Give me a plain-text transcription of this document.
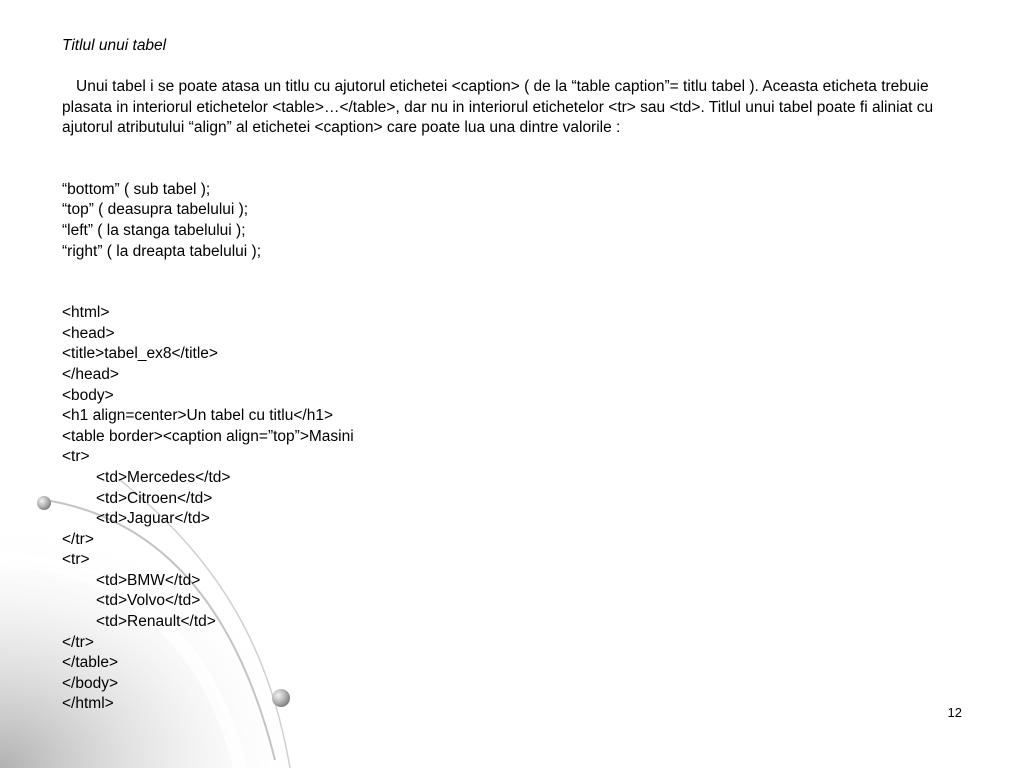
Titlul unui tabel
Unui tabel i se poate atasa un titlu cu ajutorul etichetei <caption> ( de la “table caption”= titlu tabel ). Aceasta eticheta trebuie plasata in interiorul etichetelor <table>…</table>, dar nu in interiorul etichetelor <tr> sau <td>. Titlul unui tabel poate fi aliniat cu ajutorul atributului “align” al etichetei <caption> care poate lua una dintre valorile :
“bottom” ( sub tabel );
“top” ( deasupra tabelului );
“left” ( la stanga tabelului );
“right” ( la dreapta tabelului );
<html>
<head>
<title>tabel_ex8</title>
</head>
<body>
<h1 align=center>Un tabel cu titlu</h1>
<table border><caption align=”top”>Masini
<tr>
<td>Mercedes</td>
<td>Citroen</td>
<td>Jaguar</td>
</tr>
<tr>
<td>BMW</td>
<td>Volvo</td>
<td>Renault</td>
</tr>
</table>
</body>
</html>
12
